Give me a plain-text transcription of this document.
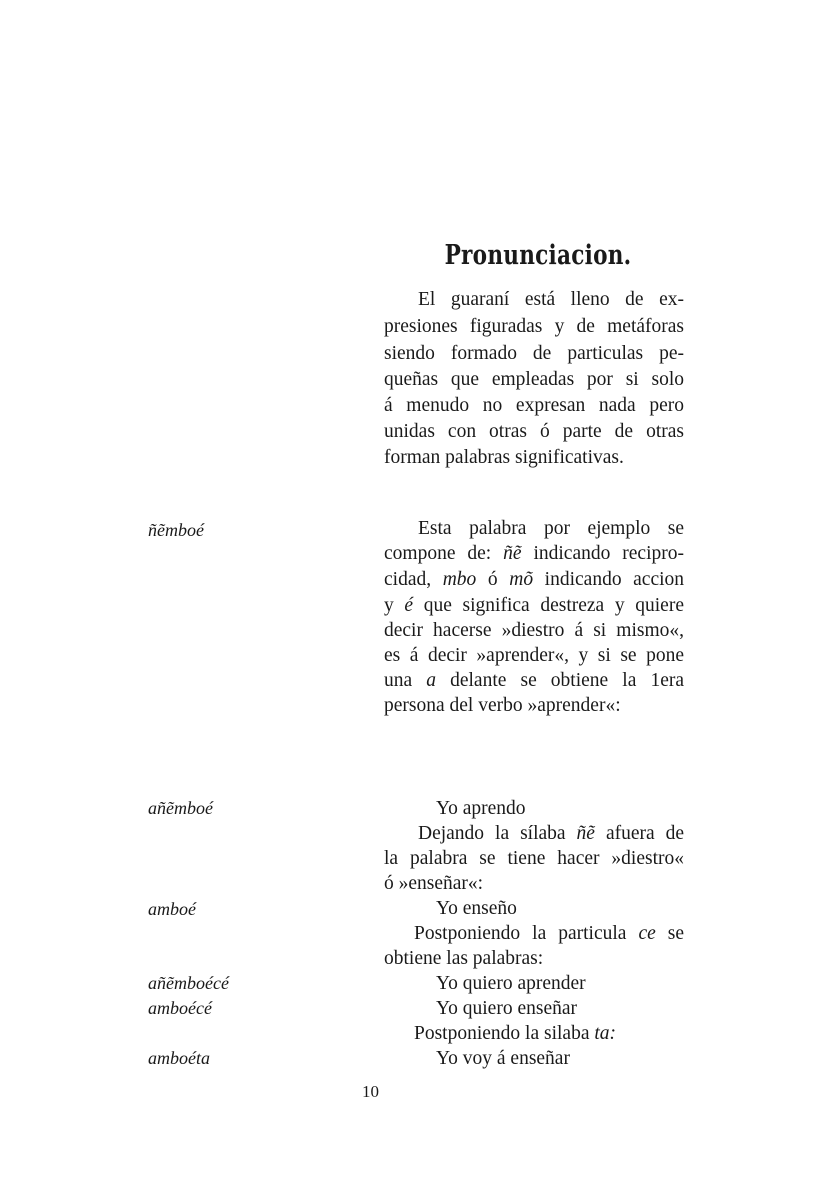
Pronunciacion.
El guaraní está lleno de ex-
presiones figuradas y de metáforas
siendo formado de particulas pe-
queñas que empleadas por si solo
á menudo no expresan nada pero
unidas con otras ó parte de otras
forman palabras significativas.
ñẽmboé
añẽmboé
amboé
añẽmboécé
amboécé
amboéta
Esta palabra por ejemplo se
compone de: ñẽ indicando recipro-
cidad, mbo ó mõ indicando accion
y é que significa destreza y quiere
decir hacerse »diestro á si mismo«,
es á decir »aprender«, y si se pone
una a delante se obtiene la 1era
persona del verbo »aprender«:
Yo aprendo
Dejando la sílaba ñẽ afuera de
la palabra se tiene hacer »diestro«
ó »enseñar«:
Yo enseño
Postponiendo la particula ce se
obtiene las palabras:
Yo quiero aprender
Yo quiero enseñar
Postponiendo la silaba ta:
Yo voy á enseñar
10
